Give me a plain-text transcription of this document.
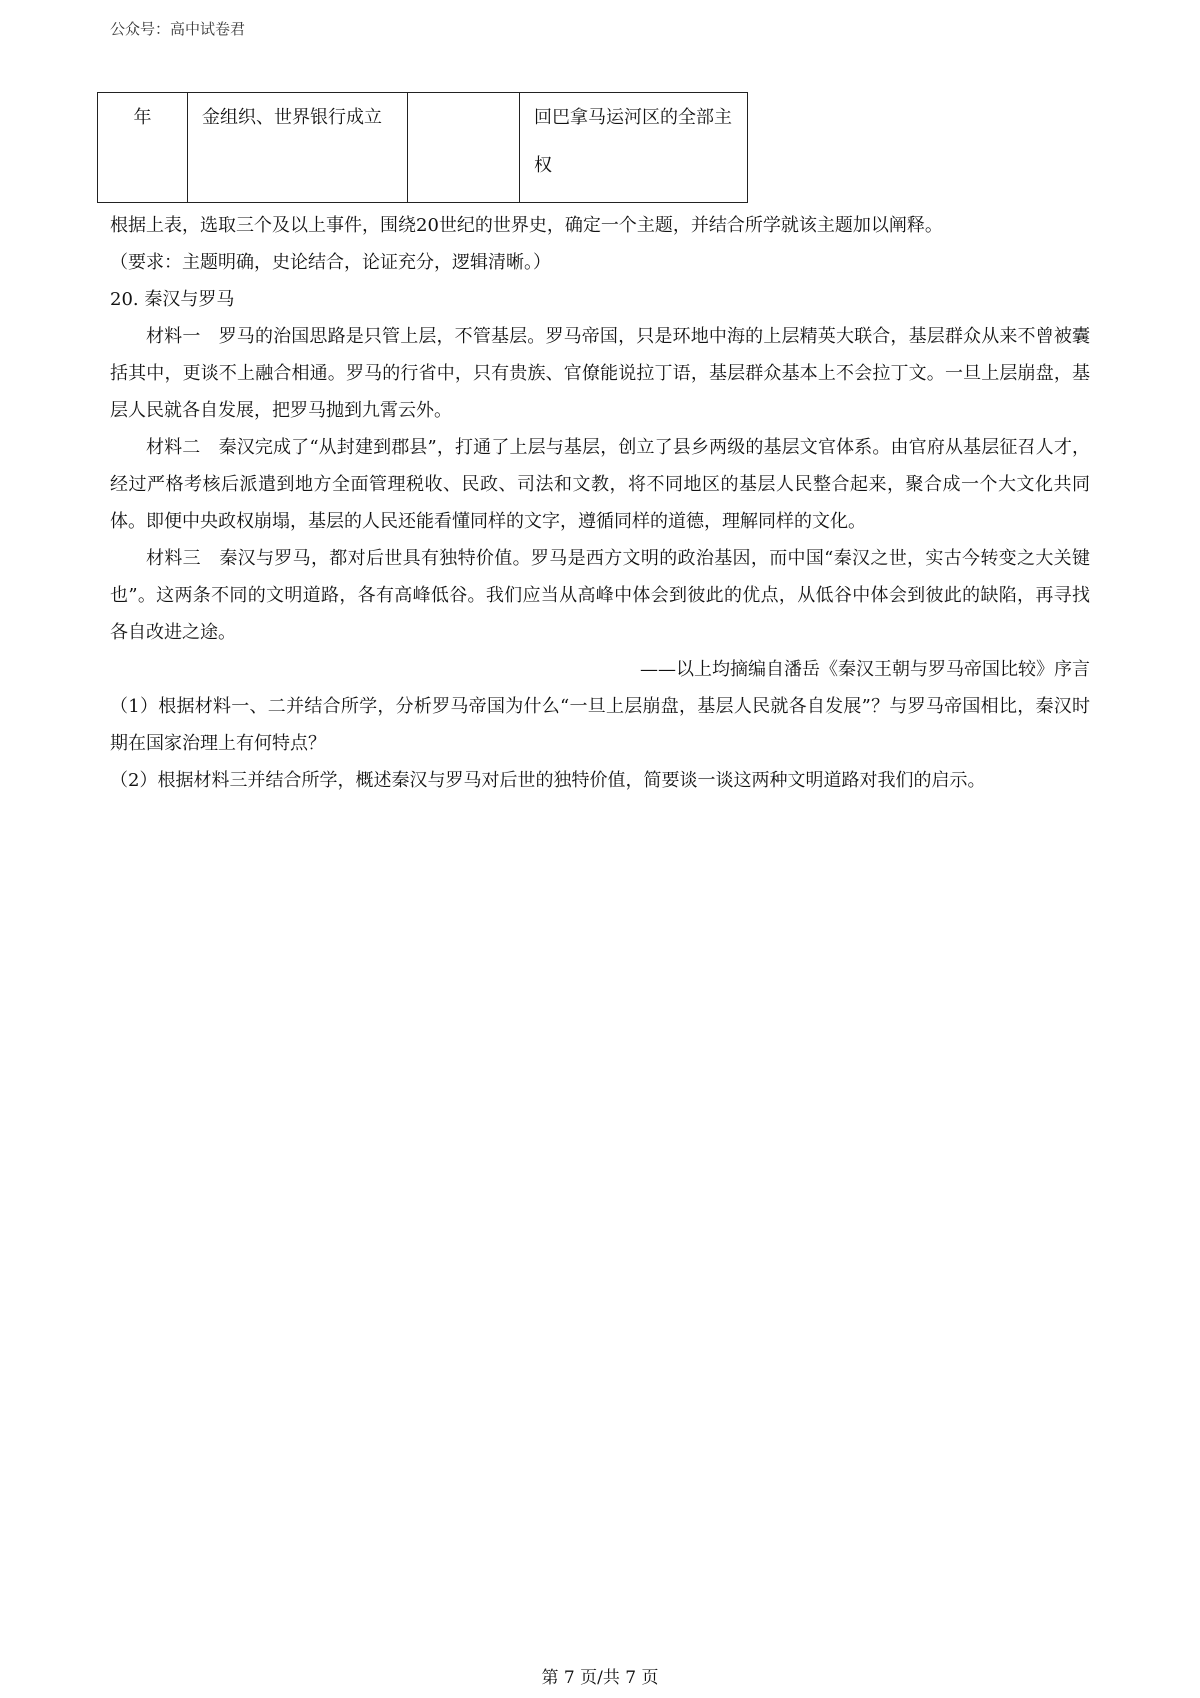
公众号：高中试卷君
年	金组织、世界银行成立		回巴拿马运河区的全部主权

根据上表，选取三个及以上事件，围绕20世纪的世界史，确定一个主题，并结合所学就该主题加以阐释。

（要求：主题明确，史论结合，论证充分，逻辑清晰。）

20. 秦汉与罗马

材料一　罗马的治国思路是只管上层，不管基层。罗马帝国，只是环地中海的上层精英大联合，基层群众从来不曾被囊括其中，更谈不上融合相通。罗马的行省中，只有贵族、官僚能说拉丁语，基层群众基本上不会拉丁文。一旦上层崩盘，基层人民就各自发展，把罗马抛到九霄云外。

材料二　秦汉完成了“从封建到郡县”，打通了上层与基层，创立了县乡两级的基层文官体系。由官府从基层征召人才，经过严格考核后派遣到地方全面管理税收、民政、司法和文教，将不同地区的基层人民整合起来，聚合成一个大文化共同体。即便中央政权崩塌，基层的人民还能看懂同样的文字，遵循同样的道德，理解同样的文化。

材料三　秦汉与罗马，都对后世具有独特价值。罗马是西方文明的政治基因，而中国“秦汉之世，实古今转变之大关键也”。这两条不同的文明道路，各有高峰低谷。我们应当从高峰中体会到彼此的优点，从低谷中体会到彼此的缺陷，再寻找各自改进之途。

——以上均摘编自潘岳《秦汉王朝与罗马帝国比较》序言

（1）根据材料一、二并结合所学，分析罗马帝国为什么“一旦上层崩盘，基层人民就各自发展”？与罗马帝国相比，秦汉时期在国家治理上有何特点？

（2）根据材料三并结合所学，概述秦汉与罗马对后世的独特价值，简要谈一谈这两种文明道路对我们的启示。

第 7 页/共 7 页
